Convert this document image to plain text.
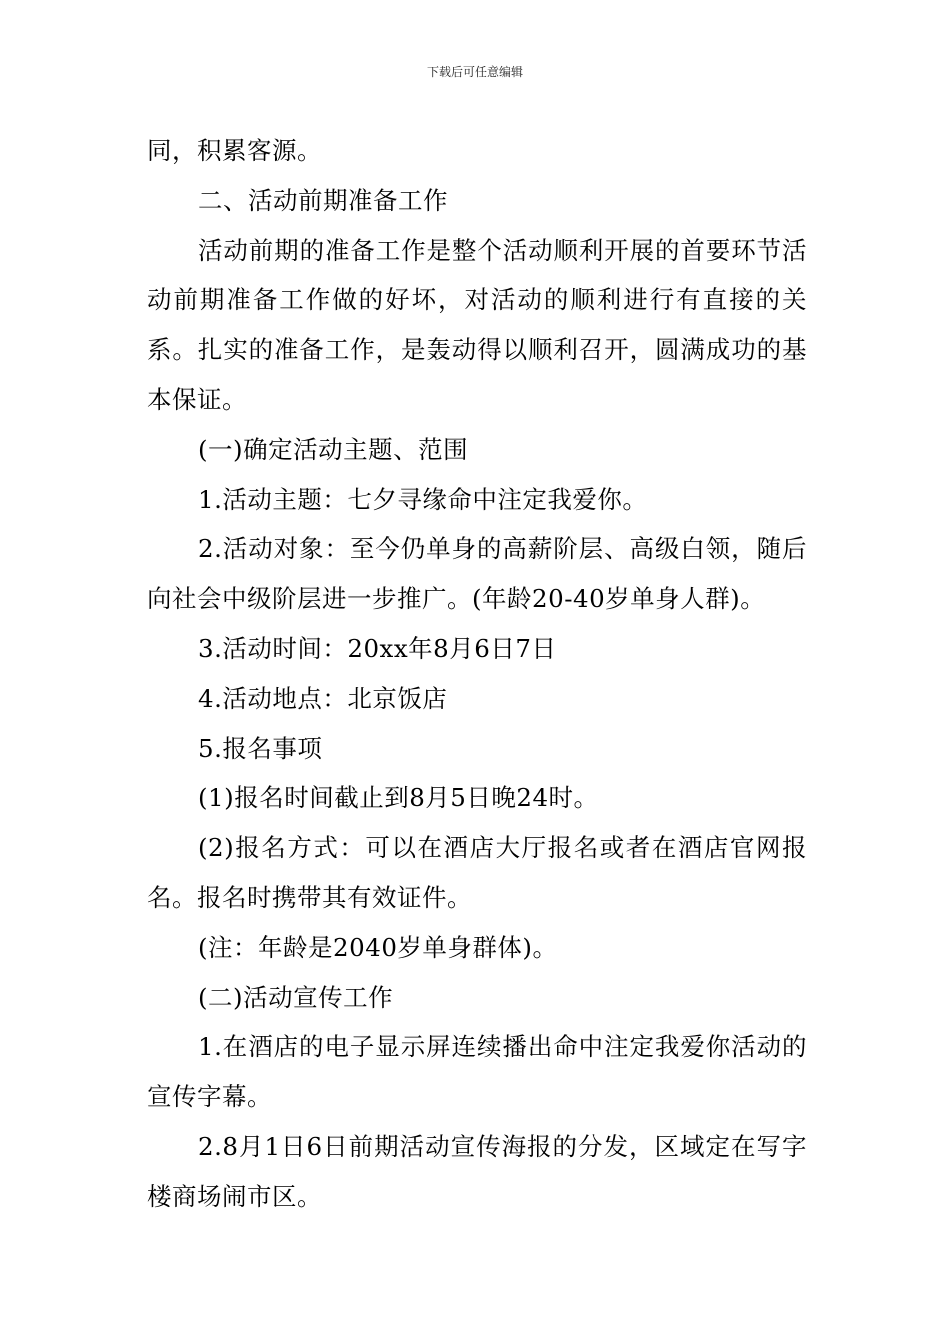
下载后可任意编辑

同，积累客源。

二、活动前期准备工作

活动前期的准备工作是整个活动顺利开展的首要环节活动前期准备工作做的好坏，对活动的顺利进行有直接的关系。扎实的准备工作，是轰动得以顺利召开，圆满成功的基本保证。

(一)确定活动主题、范围

1.活动主题：七夕寻缘命中注定我爱你。

2.活动对象：至今仍单身的高薪阶层、高级白领，随后向社会中级阶层进一步推广。(年龄20-40岁单身人群)。

3.活动时间：20xx年8月6日7日

4.活动地点：北京饭店

5.报名事项

(1)报名时间截止到8月5日晚24时。

(2)报名方式：可以在酒店大厅报名或者在酒店官网报名。报名时携带其有效证件。

(注：年龄是2040岁单身群体)。

(二)活动宣传工作

1.在酒店的电子显示屏连续播出命中注定我爱你活动的宣传字幕。

2.8月1日6日前期活动宣传海报的分发，区域定在写字楼商场闹市区。
